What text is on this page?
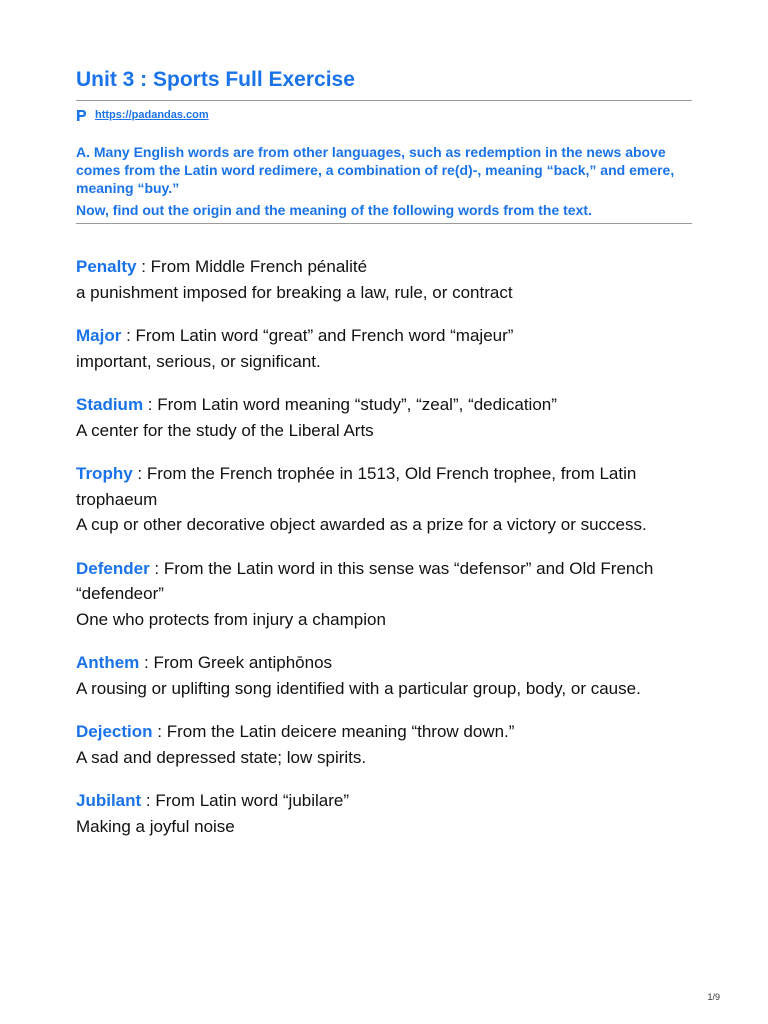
Unit 3 : Sports Full Exercise
https://padandas.com

A. Many English words are from other languages, such as redemption in the news above comes from the Latin word redimere, a combination of re(d)-, meaning “back,” and emere, meaning “buy.”

Now, find out the origin and the meaning of the following words from the text.

Penalty : From Middle French pénalité
a punishment imposed for breaking a law, rule, or contract
Major : From Latin word “great” and French word “majeur”
important, serious, or significant.
Stadium : From Latin word meaning “study”, “zeal”, “dedication”
A center for the study of the Liberal Arts
Trophy : From the French trophée in 1513, Old French trophee, from Latin trophaeum
A cup or other decorative object awarded as a prize for a victory or success.
Defender : From the Latin word in this sense was “defensor” and Old French “defendeor”
One who protects from injury a champion
Anthem : From Greek antiphōnos
A rousing or uplifting song identified with a particular group, body, or cause.
Dejection : From the Latin deicere meaning “throw down.”
A sad and depressed state; low spirits.
Jubilant : From Latin word “jubilare”
Making a joyful noise
1/9
